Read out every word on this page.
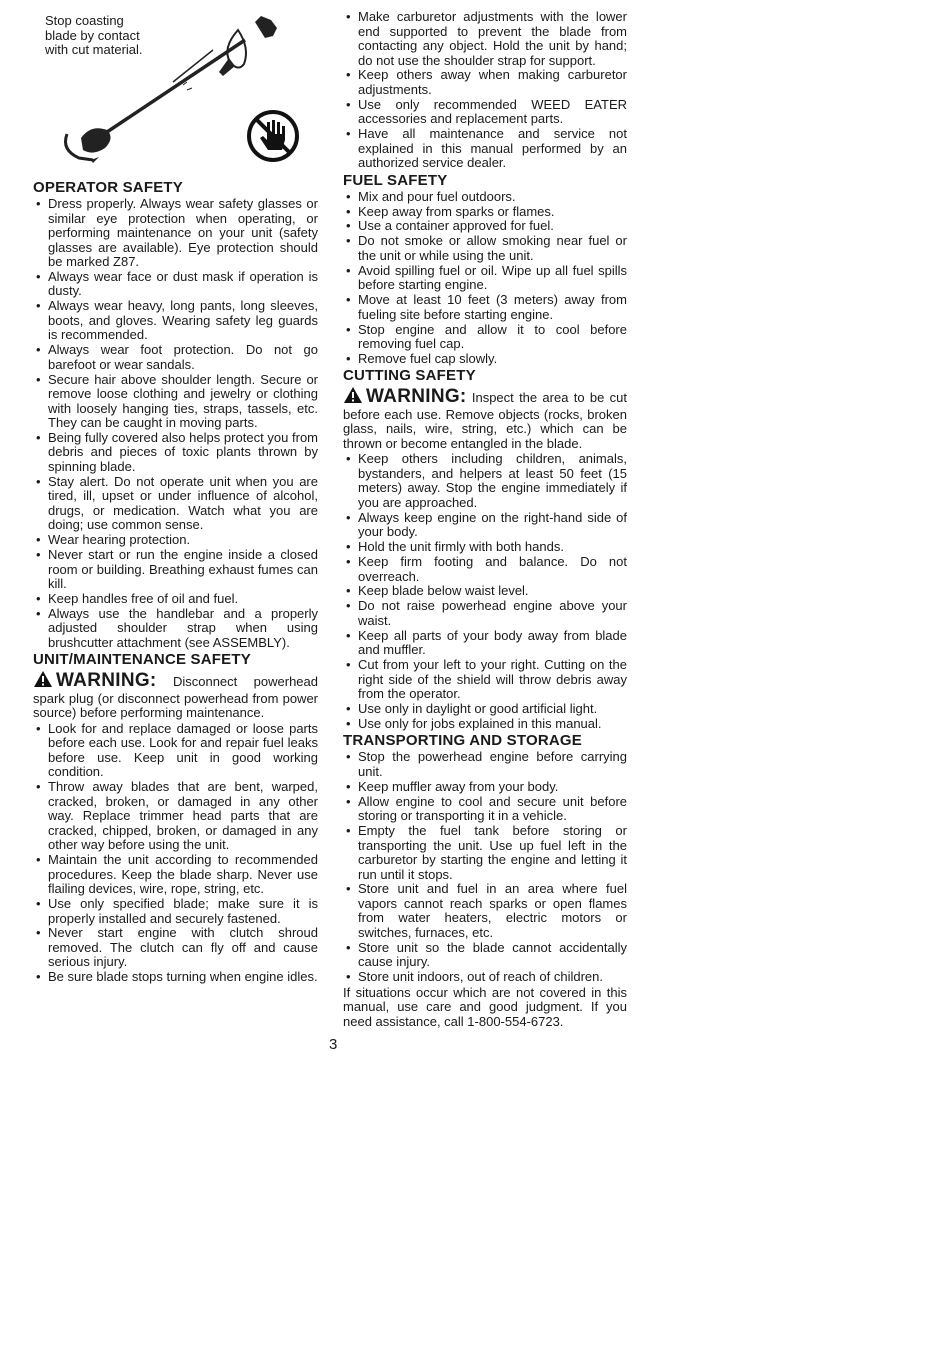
Stop coasting
blade by contact
with cut material.
OPERATOR SAFETY
• Dress properly. Always wear safety glasses or similar eye protection when operating, or performing maintenance on your unit (safety glasses are available). Eye protection should be marked Z87.
• Always wear face or dust mask if operation is dusty.
• Always wear heavy, long pants, long sleeves, boots, and gloves. Wearing safety leg guards is recommended.
• Always wear foot protection. Do not go barefoot or wear sandals.
• Secure hair above shoulder length. Secure or remove loose clothing and jewelry or clothing with loosely hanging ties, straps, tassels, etc. They can be caught in moving parts.
• Being fully covered also helps protect you from debris and pieces of toxic plants thrown by spinning blade.
• Stay alert. Do not operate unit when you are tired, ill, upset or under influence of alcohol, drugs, or medication. Watch what you are doing; use common sense.
• Wear hearing protection.
• Never start or run the engine inside a closed room or building. Breathing exhaust fumes can kill.
• Keep handles free of oil and fuel.
• Always use the handlebar and a properly adjusted shoulder strap when using brushcutter attachment (see ASSEMBLY).
UNIT/MAINTENANCE SAFETY
WARNING: Disconnect powerhead spark plug (or disconnect powerhead from power source) before performing maintenance.
• Look for and replace damaged or loose parts before each use. Look for and repair fuel leaks before use. Keep unit in good working condition.
• Throw away blades that are bent, warped, cracked, broken, or damaged in any other way. Replace trimmer head parts that are cracked, chipped, broken, or damaged in any other way before using the unit.
• Maintain the unit according to recommended procedures. Keep the blade sharp. Never use flailing devices, wire, rope, string, etc.
• Use only specified blade; make sure it is properly installed and securely fastened.
• Never start engine with clutch shroud removed. The clutch can fly off and cause serious injury.
• Be sure blade stops turning when engine idles.
• Make carburetor adjustments with the lower end supported to prevent the blade from contacting any object. Hold the unit by hand; do not use the shoulder strap for support.
• Keep others away when making carburetor adjustments.
• Use only recommended WEED EATER accessories and replacement parts.
• Have all maintenance and service not explained in this manual performed by an authorized service dealer.
FUEL SAFETY
• Mix and pour fuel outdoors.
• Keep away from sparks or flames.
• Use a container approved for fuel.
• Do not smoke or allow smoking near fuel or the unit or while using the unit.
• Avoid spilling fuel or oil. Wipe up all fuel spills before starting engine.
• Move at least 10 feet (3 meters) away from fueling site before starting engine.
• Stop engine and allow it to cool before removing fuel cap.
• Remove fuel cap slowly.
CUTTING SAFETY
WARNING: Inspect the area to be cut before each use. Remove objects (rocks, broken glass, nails, wire, string, etc.) which can be thrown or become entangled in the blade.
• Keep others including children, animals, bystanders, and helpers at least 50 feet (15 meters) away. Stop the engine immediately if you are approached.
• Always keep engine on the right-hand side of your body.
• Hold the unit firmly with both hands.
• Keep firm footing and balance. Do not overreach.
• Keep blade below waist level.
• Do not raise powerhead engine above your waist.
• Keep all parts of your body away from blade and muffler.
• Cut from your left to your right. Cutting on the right side of the shield will throw debris away from the operator.
• Use only in daylight or good artificial light.
• Use only for jobs explained in this manual.
TRANSPORTING AND STORAGE
• Stop the powerhead engine before carrying unit.
• Keep muffler away from your body.
• Allow engine to cool and secure unit before storing or transporting it in a vehicle.
• Empty the fuel tank before storing or transporting the unit. Use up fuel left in the carburetor by starting the engine and letting it run until it stops.
• Store unit and fuel in an area where fuel vapors cannot reach sparks or open flames from water heaters, electric motors or switches, furnaces, etc.
• Store unit so the blade cannot accidentally cause injury.
• Store unit indoors, out of reach of children.
If situations occur which are not covered in this manual, use care and good judgment. If you need assistance, call 1-800-554-6723.
3
